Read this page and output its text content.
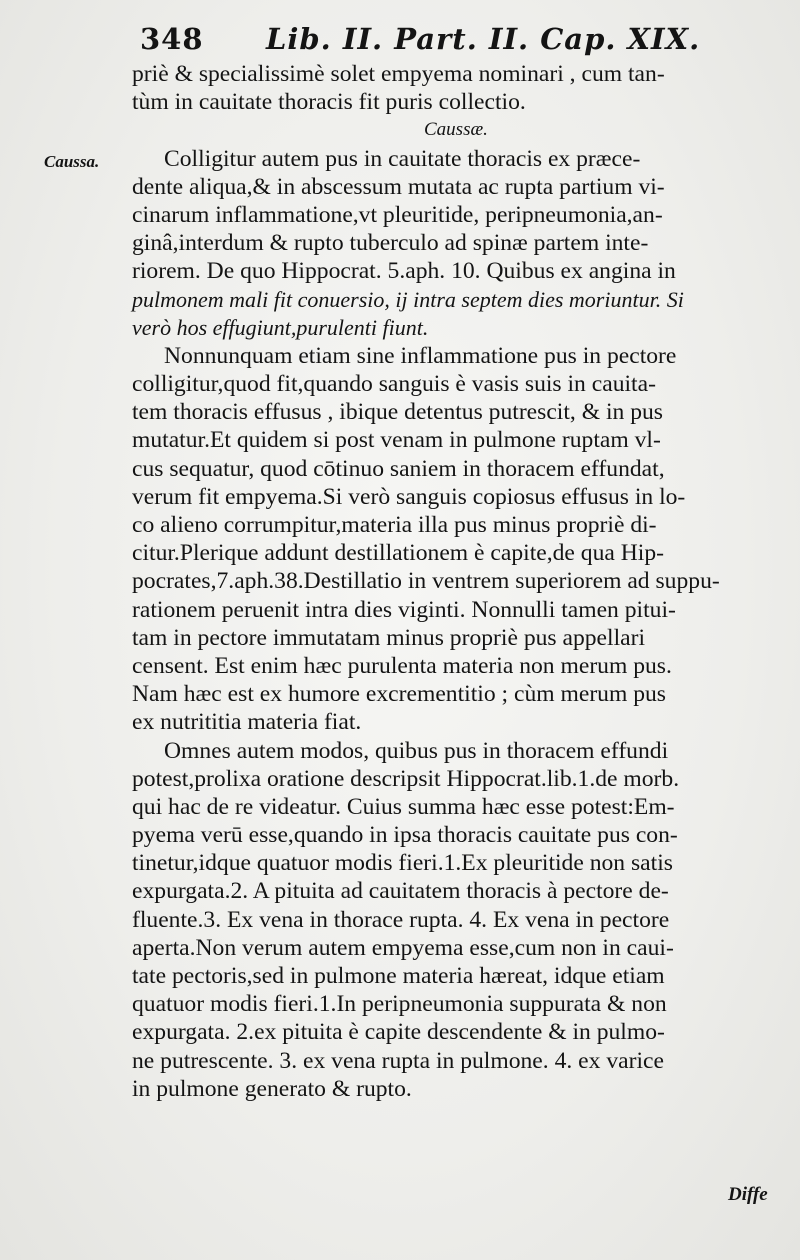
348 Lib. II. Part. II. Cap. XIX.
Caussa.
priè & specialissimè solet empyema nominari , cum tan-
tùm in cauitate thoracis fit puris collectio.
Caussæ.
Colligitur autem pus in cauitate thoracis ex præce-
dente aliqua,& in abscessum mutata ac rupta partium vi-
cinarum inflammatione,vt pleuritide, peripneumonia,an-
ginâ,interdum & rupto tuberculo ad spinæ partem inte-
riorem. De quo Hippocrat. 5.aph. 10. Quibus ex angina in
pulmonem mali fit conuersio, ij intra septem dies moriuntur. Si
verò hos effugiunt,purulenti fiunt.
Nonnunquam etiam sine inflammatione pus in pectore
colligitur,quod fit,quando sanguis è vasis suis in cauita-
tem thoracis effusus , ibique detentus putrescit, & in pus
mutatur.Et quidem si post venam in pulmone ruptam vl-
cus sequatur, quod cōtinuo saniem in thoracem effundat,
verum fit empyema.Si verò sanguis copiosus effusus in lo-
co alieno corrumpitur,materia illa pus minus propriè di-
citur.Plerique addunt destillationem è capite,de qua Hip-
pocrates,7.aph.38.Destillatio in ventrem superiorem ad suppu-
rationem peruenit intra dies viginti. Nonnulli tamen pitui-
tam in pectore immutatam minus propriè pus appellari
censent. Est enim hæc purulenta materia non merum pus.
Nam hæc est ex humore excrementitio ; cùm merum pus
ex nutrititia materia fiat.
Omnes autem modos, quibus pus in thoracem effundi
potest,prolixa oratione descripsit Hippocrat.lib.1.de morb.
qui hac de re videatur. Cuius summa hæc esse potest:Em-
pyema verū esse,quando in ipsa thoracis cauitate pus con-
tinetur,idque quatuor modis fieri.1.Ex pleuritide non satis
expurgata.2. A pituita ad cauitatem thoracis à pectore de-
fluente.3. Ex vena in thorace rupta. 4. Ex vena in pectore
aperta.Non verum autem empyema esse,cum non in caui-
tate pectoris,sed in pulmone materia hæreat, idque etiam
quatuor modis fieri.1.In peripneumonia suppurata & non
expurgata. 2.ex pituita è capite descendente & in pulmo-
ne putrescente. 3. ex vena rupta in pulmone. 4. ex varice
in pulmone generato & rupto.
Diffe
